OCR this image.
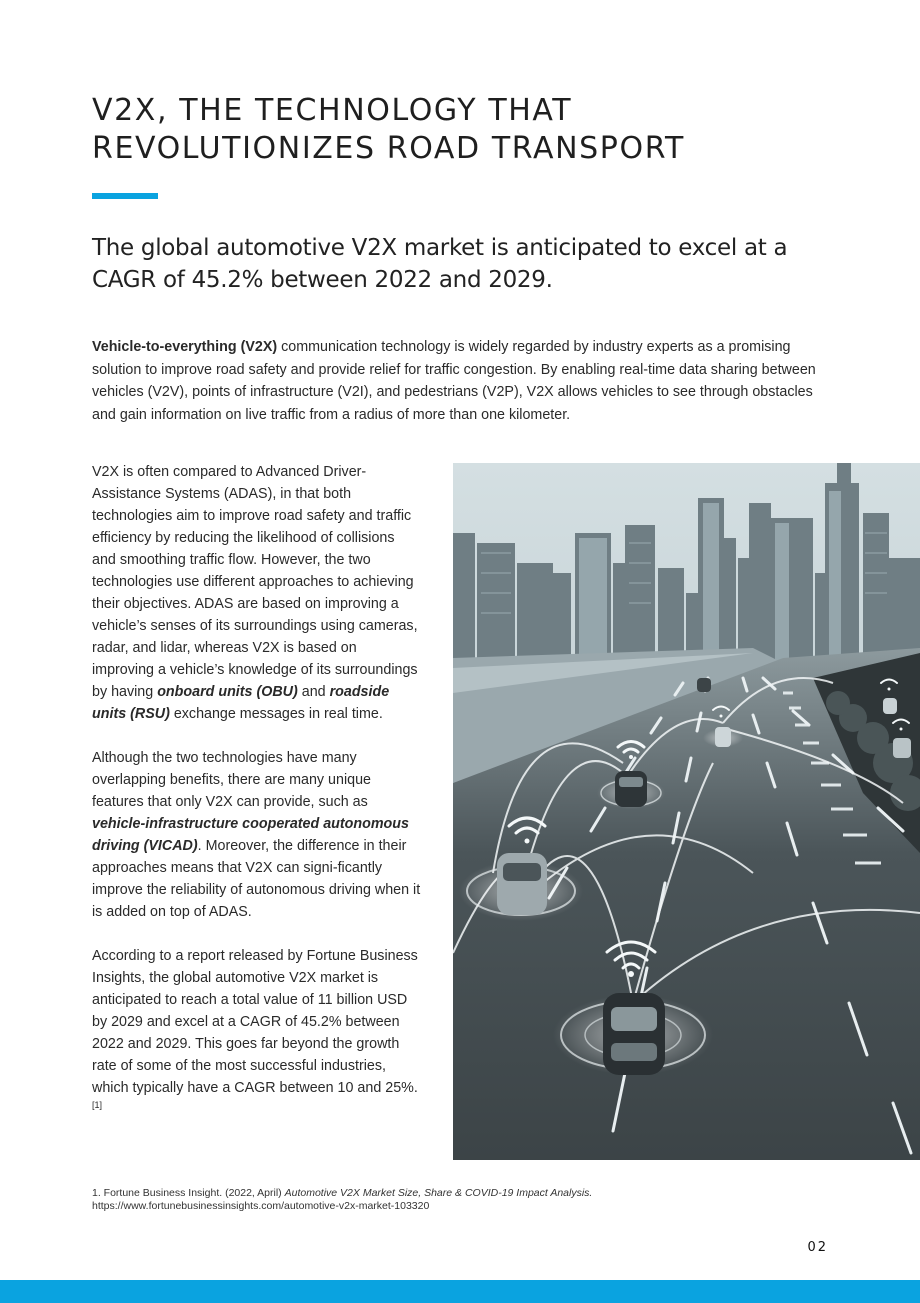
V2X, THE TECHNOLOGY THAT
REVOLUTIONIZES ROAD TRANSPORT
The global automotive V2X market is anticipated to excel at a CAGR of 45.2% between 2022 and 2029.

Vehicle-to-everything (V2X) communication technology is widely regarded by industry experts as a promising solution to improve road safety and provide relief for traffic congestion. By enabling real-time data sharing between vehicles (V2V), points of infrastructure (V2I), and pedestrians (V2P), V2X allows vehicles to see through obstacles and gain information on live traffic from a radius of more than one kilometer.

V2X is often compared to Advanced Driver-Assistance Systems (ADAS), in that both technologies aim to improve road safety and traffic efficiency by reducing the likelihood of collisions and smoothing traffic flow. However, the two technologies use different approaches to achieving their objectives. ADAS are based on improving a vehicle’s senses of its surroundings using cameras, radar, and lidar, whereas V2X is based on improving a vehicle’s knowledge of its surroundings by having onboard units (OBU) and roadside units (RSU) exchange messages in real time.

Although the two technologies have many overlapping benefits, there are many unique features that only V2X can provide, such as vehicle-infrastructure cooperated autonomous driving (VICAD). Moreover, the difference in their approaches means that V2X can signi-ficantly improve the reliability of autonomous driving when it is added on top of ADAS.

According to a report released by Fortune Business Insights, the global automotive V2X market is anticipated to reach a total value of 11 billion USD by 2029 and excel at a CAGR of 45.2% between 2022 and 2029. This goes far beyond the growth rate of some of the most successful industries, which typically have a CAGR between 10 and 25%.[1]

1. Fortune Business Insight. (2022, April) Automotive V2X Market Size, Share & COVID-19 Impact Analysis.
https://www.fortunebusinessinsights.com/automotive-v2x-market-103320
02
